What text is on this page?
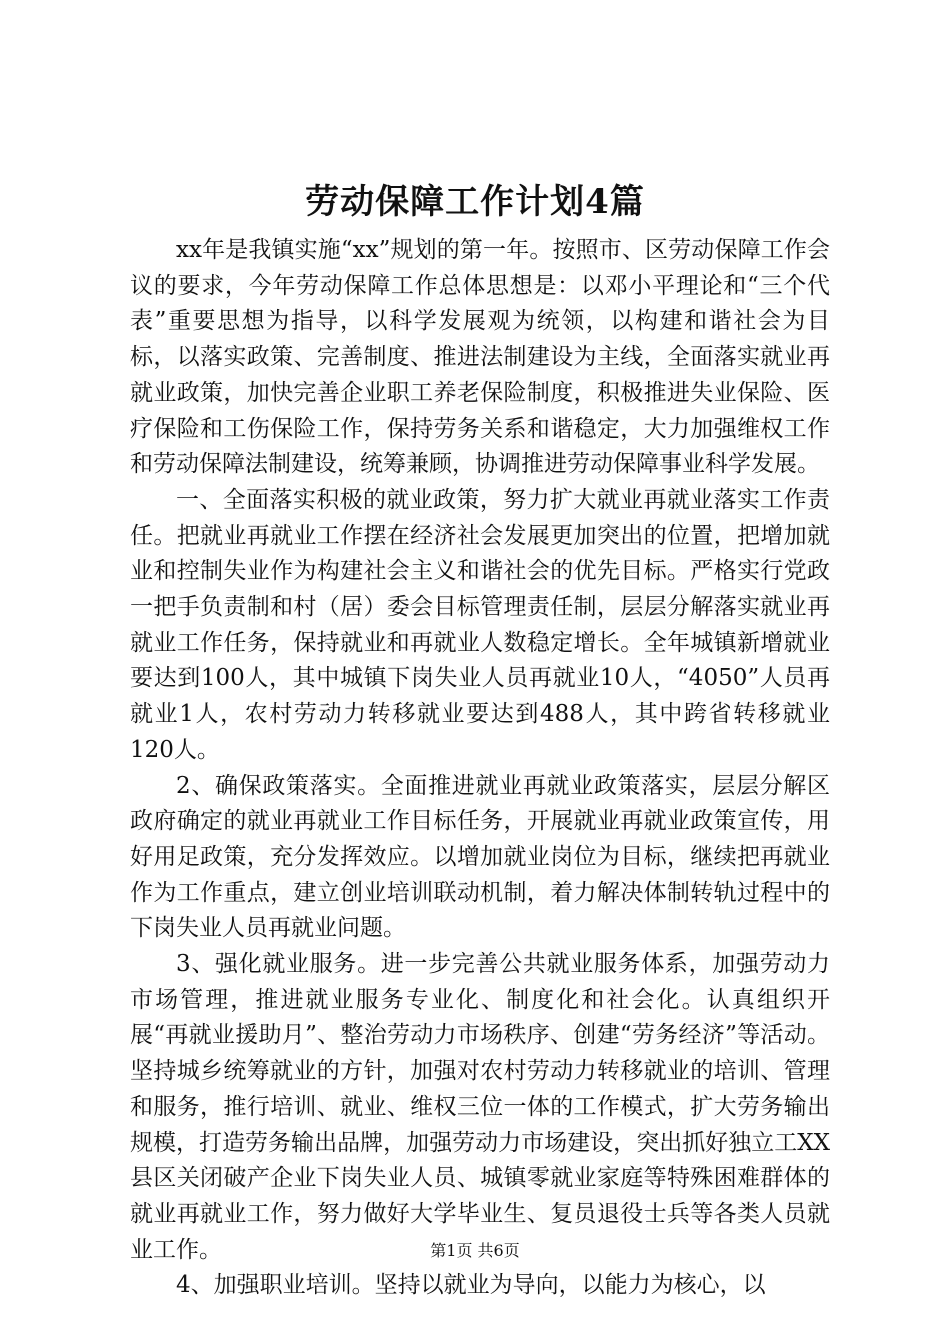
劳动保障工作计划4篇

xx年是我镇实施“xx”规划的第一年。按照市、区劳动保障工作会议的要求，今年劳动保障工作总体思想是：以邓小平理论和“三个代表”重要思想为指导，以科学发展观为统领，以构建和谐社会为目标，以落实政策、完善制度、推进法制建设为主线，全面落实就业再就业政策，加快完善企业职工养老保险制度，积极推进失业保险、医疗保险和工伤保险工作，保持劳务关系和谐稳定，大力加强维权工作和劳动保障法制建设，统筹兼顾，协调推进劳动保障事业科学发展。

一、全面落实积极的就业政策，努力扩大就业再就业落实工作责任。把就业再就业工作摆在经济社会发展更加突出的位置，把增加就业和控制失业作为构建社会主义和谐社会的优先目标。严格实行党政一把手负责制和村（居）委会目标管理责任制，层层分解落实就业再就业工作任务，保持就业和再就业人数稳定增长。全年城镇新增就业要达到100人，其中城镇下岗失业人员再就业10人，“4050”人员再就业1人，农村劳动力转移就业要达到488人，其中跨省转移就业120人。

2、确保政策落实。全面推进就业再就业政策落实，层层分解区政府确定的就业再就业工作目标任务，开展就业再就业政策宣传，用好用足政策，充分发挥效应。以增加就业岗位为目标，继续把再就业作为工作重点，建立创业培训联动机制，着力解决体制转轨过程中的下岗失业人员再就业问题。

3、强化就业服务。进一步完善公共就业服务体系，加强劳动力市场管理，推进就业服务专业化、制度化和社会化。认真组织开展“再就业援助月”、整治劳动力市场秩序、创建“劳务经济”等活动。坚持城乡统筹就业的方针，加强对农村劳动力转移就业的培训、管理和服务，推行培训、就业、维权三位一体的工作模式，扩大劳务输出规模，打造劳务输出品牌，加强劳动力市场建设，突出抓好独立工XX县区关闭破产企业下岗失业人员、城镇零就业家庭等特殊困难群体的就业再就业工作，努力做好大学毕业生、复员退役士兵等各类人员就业工作。

4、加强职业培训。坚持以就业为导向，以能力为核心，以

第1页 共6页
